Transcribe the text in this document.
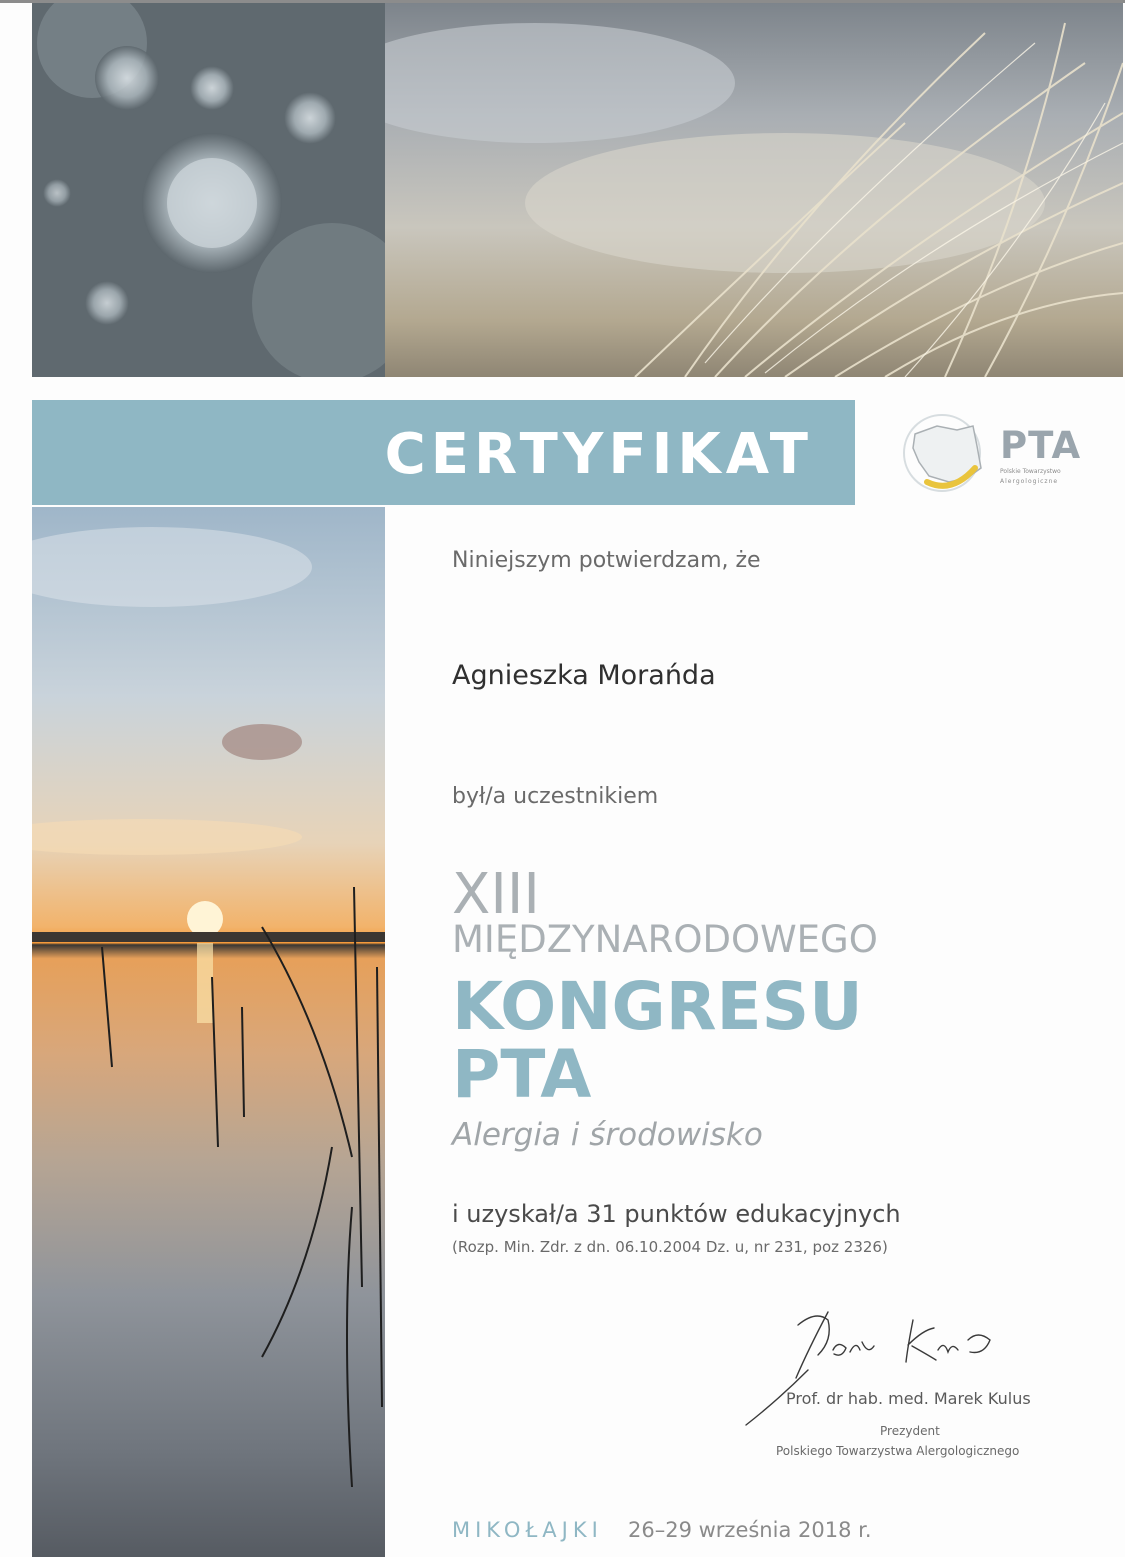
CERTYFIKAT	PTA
Polskie Towarzystwo
Alergologiczne
Niniejszym potwierdzam, że
Agnieszka Morańda
był/a uczestnikiem
XIII
MIĘDZYNARODOWEGO
KONGRESU
PTA
Alergia i środowisko
i uzyskał/a 31 punktów edukacyjnych
(Rozp. Min. Zdr. z dn. 06.10.2004 Dz. u, nr 231, poz 2326)
Prof. dr hab. med. Marek Kulus
Prezydent
Polskiego Towarzystwa Alergologicznego
MIKOŁAJKI 26–29 września 2018 r.
